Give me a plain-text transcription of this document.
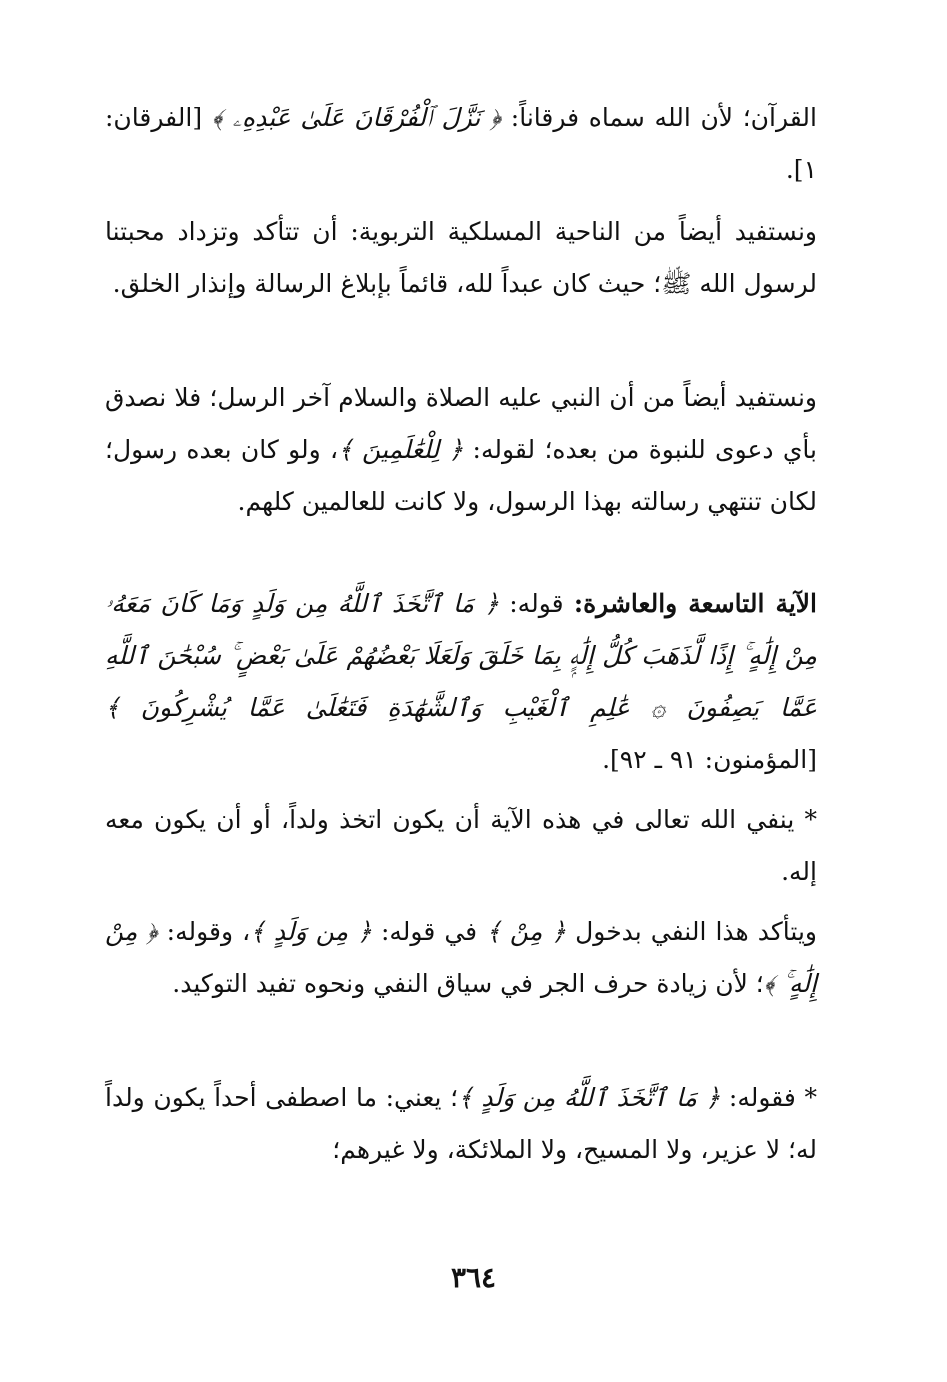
القرآن؛ لأن الله سماه فرقاناً: ﴿ نَزَّلَ ٱلْفُرْقَانَ عَلَىٰ عَبْدِهِۦ ﴾ [الفرقان: ١].

ونستفيد أيضاً من الناحية المسلكية التربوية: أن تتأكد وتزداد محبتنا لرسول الله ﷺ؛ حيث كان عبداً لله، قائماً بإبلاغ الرسالة وإنذار الخلق.

ونستفيد أيضاً من أن النبي عليه الصلاة والسلام آخر الرسل؛ فلا نصدق بأي دعوى للنبوة من بعده؛ لقوله: ﴿ لِلْعَٰلَمِينَ ﴾، ولو كان بعده رسول؛ لكان تنتهي رسالته بهذا الرسول، ولا كانت للعالمين كلهم.

الآية التاسعة والعاشرة: قوله: ﴿ مَا ٱتَّخَذَ ٱللَّهُ مِن وَلَدٍ وَمَا كَانَ مَعَهُۥ مِنْ إِلَٰهٍ ۚ إِذًا لَّذَهَبَ كُلُّ إِلَٰهٍۭ بِمَا خَلَقَ وَلَعَلَا بَعْضُهُمْ عَلَىٰ بَعْضٍ ۚ سُبْحَٰنَ ٱللَّهِ عَمَّا يَصِفُونَ ۞ عَٰلِمِ ٱلْغَيْبِ وَٱلشَّهَٰدَةِ فَتَعَٰلَىٰ عَمَّا يُشْرِكُونَ ﴾ [المؤمنون: ٩١ ـ ٩٢].

* ينفي الله تعالى في هذه الآية أن يكون اتخذ ولداً، أو أن يكون معه إله.

ويتأكد هذا النفي بدخول ﴿ مِنْ ﴾ في قوله: ﴿ مِن وَلَدٍ ﴾، وقوله: ﴿ مِنْ إِلَٰهٍ ۚ ﴾؛ لأن زيادة حرف الجر في سياق النفي ونحوه تفيد التوكيد.

* فقوله: ﴿ مَا ٱتَّخَذَ ٱللَّهُ مِن وَلَدٍ ﴾؛ يعني: ما اصطفى أحداً يكون ولداً له؛ لا عزير، ولا المسيح، ولا الملائكة، ولا غيرهم؛

٣٦٤
